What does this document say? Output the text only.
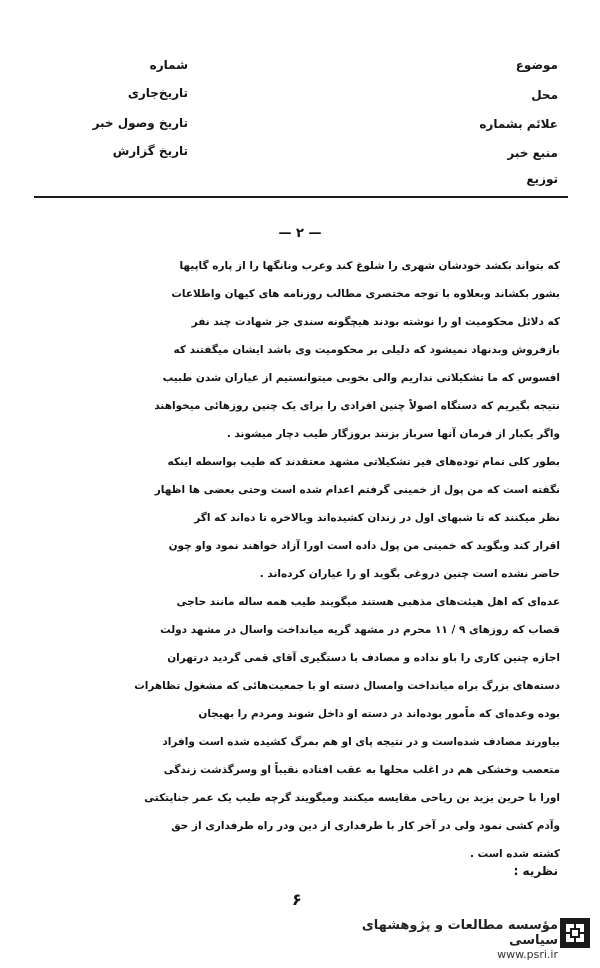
موضوع
محل
علائم بشماره
منبع خبر
توزیع
شماره
تاریخ‌جاری
تاریخ وصول خبر
تاریخ گزارش
— ٢ —
که بتواند بکشد خودشان شهری را شلوغ کند وعرب ونانگها را از پاره گاپیها
بشور بکشاند وبعلاوه با توجه مختصری مطالب روزنامه های کیهان واطلاعات
که دلائل محکومیت او را نوشته بودند هیچگونه سندی جز شهادت چند نفر
بازفروش وبد‌نهاد نمیشود که دلیلی بر محکومیت وی باشد ایشان میگفتند که
افسوس که ما تشکیلاتی نداریم والی بخوبی میتوانستیم از عیاران شدن طبیب
نتیجه بگیریم که دستگاه اصولاً چنین افرادی را برای یک چنین روزهائی میخواهند
واگر یکبار از فرمان آنها سرباز بزنند بروزگار طیب دچار میشوند .
بطور کلی تمام توده‌های فیر تشکیلاتی مشهد معتقدند که طیب بواسطه اینکه
نگفته است که من پول از خمینی گرفتم اعدام شده است وحتی بعضی ها اظهار
نظر میکنند که تا شبهای اول در زندان کشیده‌اند وبالاخره تا ده‌اند که اگر
اقرار کند وبگوید که خمینی من پول داده است اورا آزاد خواهند نمود واو چون
حاضر نشده است چنین دروغی بگوید او را عیاران کرده‌اند .
عده‌ای که اهل هیئت‌های مذهبی هستند میگویند طیب همه ساله مانند حاجی
قصاب که روزهای ٩ / ١١ محرم در مشهد گریه میانداخت واسال در مشهد دولت
اجازه چنین کاری را باو نداده و مصادف با دستگیری آقای قمی گردید درتهران
دسته‌های بزرگ براه میانداخت وامسال دسته او با جمعیت‌هائی که مشغول تظاهرات
بوده وعده‌ای که ماًمور بوده‌اند در دسته او داخل شوند ومردم را بهیجان
بیاورند مصادف شده‌است و در نتیجه پای او هم بمرگ کشیده شده است وافراد
متعصب وخشکی هم در اغلب محلها به عقب افتاده نقیباً او وسرگذشت زندگی
اورا با حرین یزید بن ریاحی مقایسه میکنند ومیگویند گرچه طیب یک عمر جنایتکتی
وآدم کشی نمود ولی در آخر کار با طرفداری از دین ودر راه طرفداری از حق
کشته شده است .
نظریه :
۶
مؤسسه مطالعات و پژوهشهای سیاسی
www.psri.ir
